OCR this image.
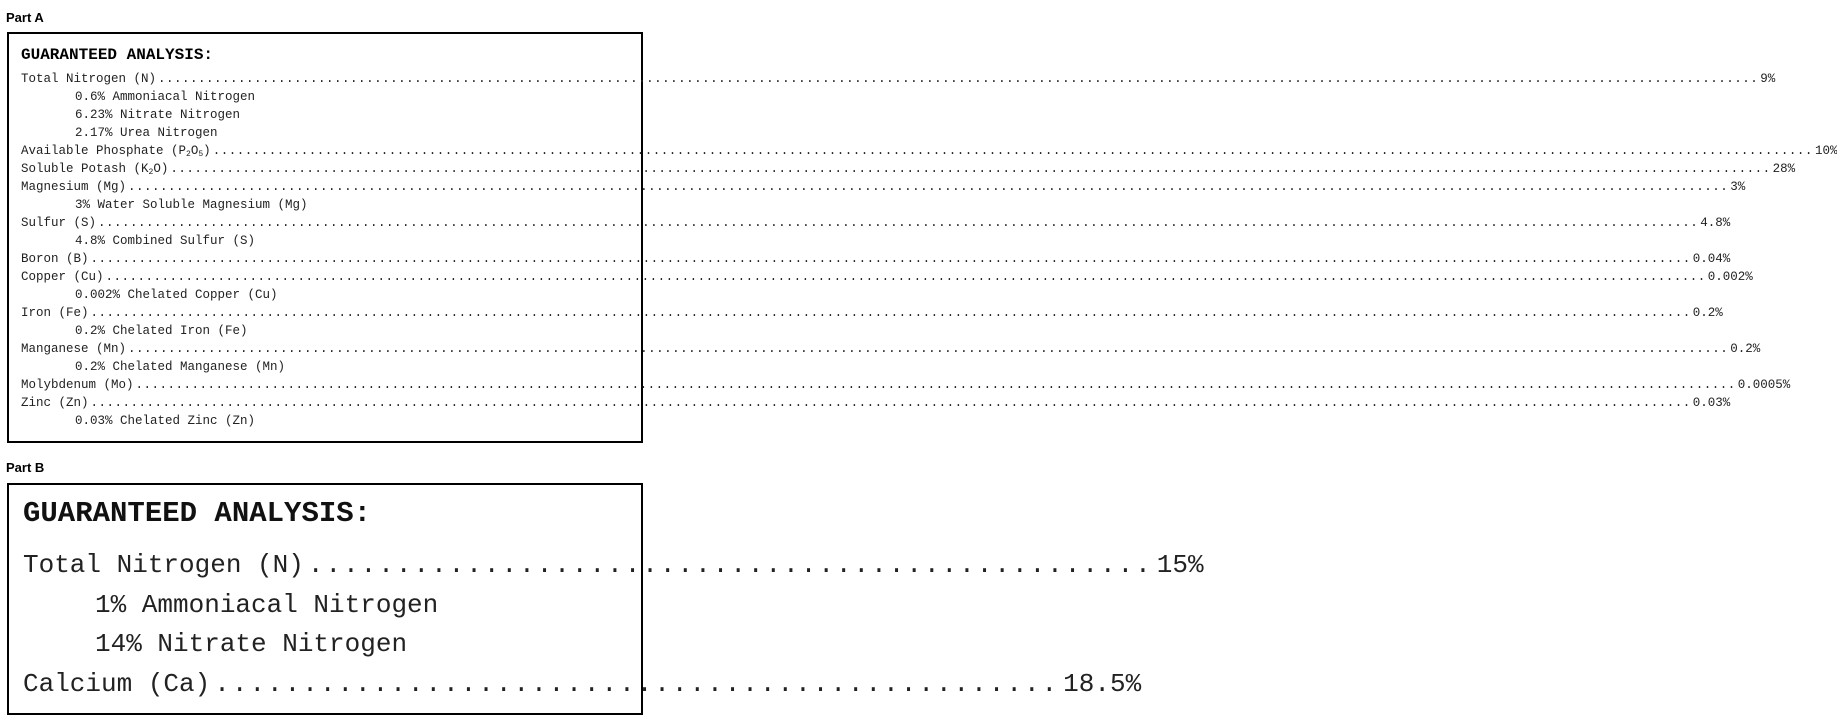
Part A
GUARANTEED ANALYSIS:
Total Nitrogen (N) ........................................................................................................................................................................................................ 9%
0.6% Ammoniacal Nitrogen
6.23% Nitrate Nitrogen
2.17% Urea Nitrogen
Available Phosphate $(P_2O_5)$ ........................................................................................................................................................................................................ 10%
Soluble Potash $(K_2O)$ ........................................................................................................................................................................................................ 28%
Magnesium (Mg) ........................................................................................................................................................................................................ 3%
3% Water Soluble Magnesium (Mg)
Sulfur (S) ........................................................................................................................................................................................................ 4.8%
4.8% Combined Sulfur (S)
Boron (B) ........................................................................................................................................................................................................ 0.04%
Copper (Cu) ........................................................................................................................................................................................................ 0.002%
0.002% Chelated Copper (Cu)
Iron (Fe) ........................................................................................................................................................................................................ 0.2%
0.2% Chelated Iron (Fe)
Manganese (Mn) ........................................................................................................................................................................................................ 0.2%
0.2% Chelated Manganese (Mn)
Molybdenum (Mo) ........................................................................................................................................................................................................ 0.0005%
Zinc (Zn) ........................................................................................................................................................................................................ 0.03%
0.03% Chelated Zinc (Zn)
Part B
GUARANTEED ANALYSIS:
Total Nitrogen (N) ................................................ 15%
1% Ammoniacal Nitrogen
14% Nitrate Nitrogen
Calcium (Ca) ................................................ 18.5%
